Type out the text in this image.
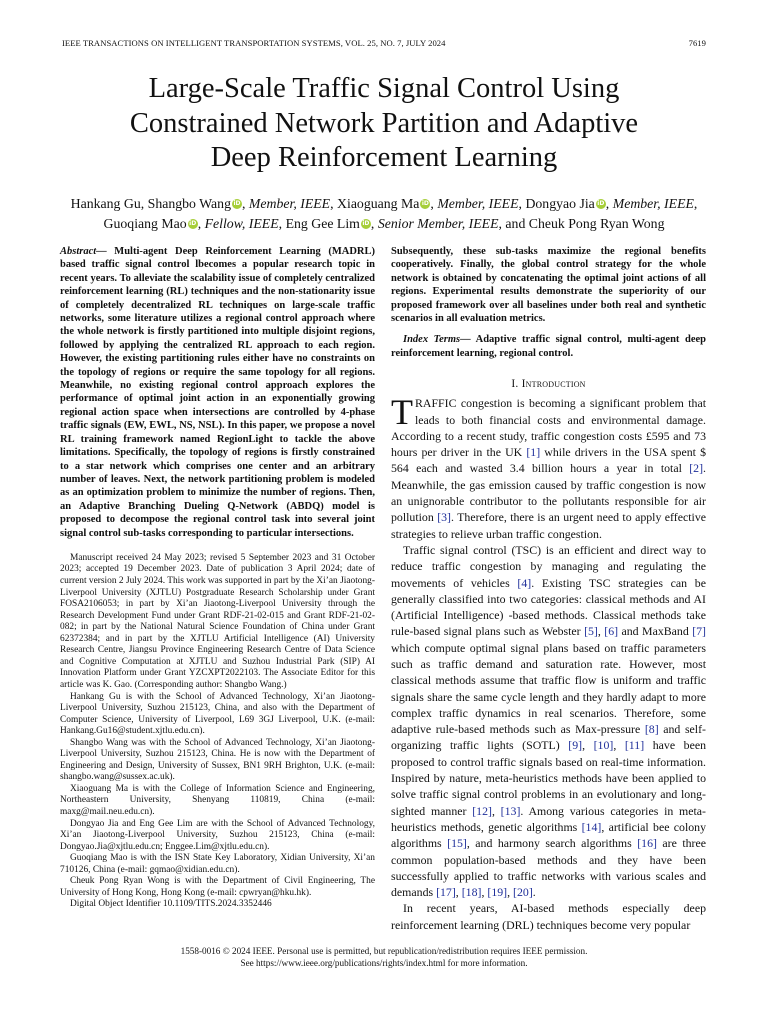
IEEE TRANSACTIONS ON INTELLIGENT TRANSPORTATION SYSTEMS, VOL. 25, NO. 7, JULY 2024	7619
Large-Scale Traffic Signal Control Using
Constrained Network Partition and Adaptive
Deep Reinforcement Learning
Hankang Gu, Shangbo Wang iD, Member, IEEE, Xiaoguang Ma iD, Member, IEEE, Dongyao Jia iD, Member, IEEE, Guoqiang Mao iD, Fellow, IEEE, Eng Gee Lim iD, Senior Member, IEEE, and Cheuk Pong Ryan Wong
Abstract— Multi-agent Deep Reinforcement Learning (MADRL) based traffic signal control lbecomes a popular research topic in recent years. To alleviate the scalability issue of completely centralized reinforcement learning (RL) techniques and the non-stationarity issue of completely decentralized RL techniques on large-scale traffic networks, some literature utilizes a regional control approach where the whole network is firstly partitioned into multiple disjoint regions, followed by applying the centralized RL approach to each region. However, the existing partitioning rules either have no constraints on the topology of regions or require the same topology for all regions. Meanwhile, no existing regional control approach explores the performance of optimal joint action in an exponentially growing regional action space when intersections are controlled by 4-phase traffic signals (EW, EWL, NS, NSL). In this paper, we propose a novel RL training framework named RegionLight to tackle the above limitations. Specifically, the topology of regions is firstly constrained to a star network which comprises one center and an arbitrary number of leaves. Next, the network partitioning problem is modeled as an optimization problem to minimize the number of regions. Then, an Adaptive Branching Dueling Q-Network (ABDQ) model is proposed to decompose the regional control task into several joint signal control sub-tasks corresponding to particular intersections.

Manuscript received 24 May 2023; revised 5 September 2023 and 31 October 2023; accepted 19 December 2023. Date of publication 3 April 2024; date of current version 2 July 2024. This work was supported in part by the Xi’an Jiaotong-Liverpool University (XJTLU) Postgraduate Research Scholarship under Grant FOSA2106053; in part by Xi’an Jiaotong-Liverpool University through the Research Development Fund under Grant RDF-21-02-015 and Grant RDF-21-02-082; in part by the National Natural Science Foundation of China under Grant 62372384; and in part by the XJTLU Artificial Intelligence (AI) University Research Centre, Jiangsu Province Engineering Research Centre of Data Science and Cognitive Computation at XJTLU and Suzhou Industrial Park (SIP) AI Innovation Platform under Grant YZCXPT2022103. The Associate Editor for this article was K. Gao. (Corresponding author: Shangbo Wang.)

Hankang Gu is with the School of Advanced Technology, Xi’an Jiaotong-Liverpool University, Suzhou 215123, China, and also with the Department of Computer Science, University of Liverpool, L69 3GJ Liverpool, U.K. (e-mail: Hankang.Gu16@student.xjtlu.edu.cn).

Shangbo Wang was with the School of Advanced Technology, Xi’an Jiaotong-Liverpool University, Suzhou 215123, China. He is now with the Department of Engineering and Design, University of Sussex, BN1 9RH Brighton, U.K. (e-mail: shangbo.wang@sussex.ac.uk).

Xiaoguang Ma is with the College of Information Science and Engineering, Northeastern University, Shenyang 110819, China (e-mail: maxg@mail.neu.edu.cn).

Dongyao Jia and Eng Gee Lim are with the School of Advanced Technology, Xi’an Jiaotong-Liverpool University, Suzhou 215123, China (e-mail: Dongyao.Jia@xjtlu.edu.cn; Enggee.Lim@xjtlu.edu.cn).

Guoqiang Mao is with the ISN State Key Laboratory, Xidian University, Xi’an 710126, China (e-mail: gqmao@xidian.edu.cn).

Cheuk Pong Ryan Wong is with the Department of Civil Engineering, The University of Hong Kong, Hong Kong (e-mail: cpwryan@hku.hk).

Digital Object Identifier 10.1109/TITS.2024.3352446

Subsequently, these sub-tasks maximize the regional benefits cooperatively. Finally, the global control strategy for the whole network is obtained by concatenating the optimal joint actions of all regions. Experimental results demonstrate the superiority of our proposed framework over all baselines under both real and synthetic scenarios in all evaluation metrics.
Index Terms— Adaptive traffic signal control, multi-agent deep reinforcement learning, regional control.
I. Introduction

TRAFFIC congestion is becoming a significant problem that leads to both financial costs and environmental damage. According to a recent study, traffic congestion costs £595 and 73 hours per driver in the UK [1] while drivers in the USA spent $ 564 each and wasted 3.4 billion hours a year in total [2]. Meanwhile, the gas emission caused by traffic congestion is now an unignorable contributor to the pollutants responsible for air pollution [3]. Therefore, there is an urgent need to apply effective strategies to relieve urban traffic congestion.

Traffic signal control (TSC) is an efficient and direct way to reduce traffic congestion by managing and regulating the movements of vehicles [4]. Existing TSC strategies can be generally classified into two categories: classical methods and AI (Artificial Intelligence) -based methods. Classical methods take rule-based signal plans such as Webster [5], [6] and MaxBand [7] which compute optimal signal plans based on traffic parameters such as traffic demand and saturation rate. However, most classical methods assume that traffic flow is uniform and traffic signals share the same cycle length and they hardly adapt to more complex traffic dynamics in real scenarios. Therefore, some adaptive rule-based methods such as Max-pressure [8] and self-organizing traffic lights (SOTL) [9], [10], [11] have been proposed to control traffic signals based on real-time information. Inspired by nature, meta-heuristics methods have been applied to solve traffic signal control problems in an evolutionary and long-sighted manner [12], [13]. Among various categories in meta-heuristics methods, genetic algorithms [14], artificial bee colony algorithms [15], and harmony search algorithms [16] are three common population-based methods and they have been successfully applied to traffic networks with various scales and demands [17], [18], [19], [20].

In recent years, AI-based methods especially deep reinforcement learning (DRL) techniques become very popular

1558-0016 © 2024 IEEE. Personal use is permitted, but republication/redistribution requires IEEE permission.
See https://www.ieee.org/publications/rights/index.html for more information.
